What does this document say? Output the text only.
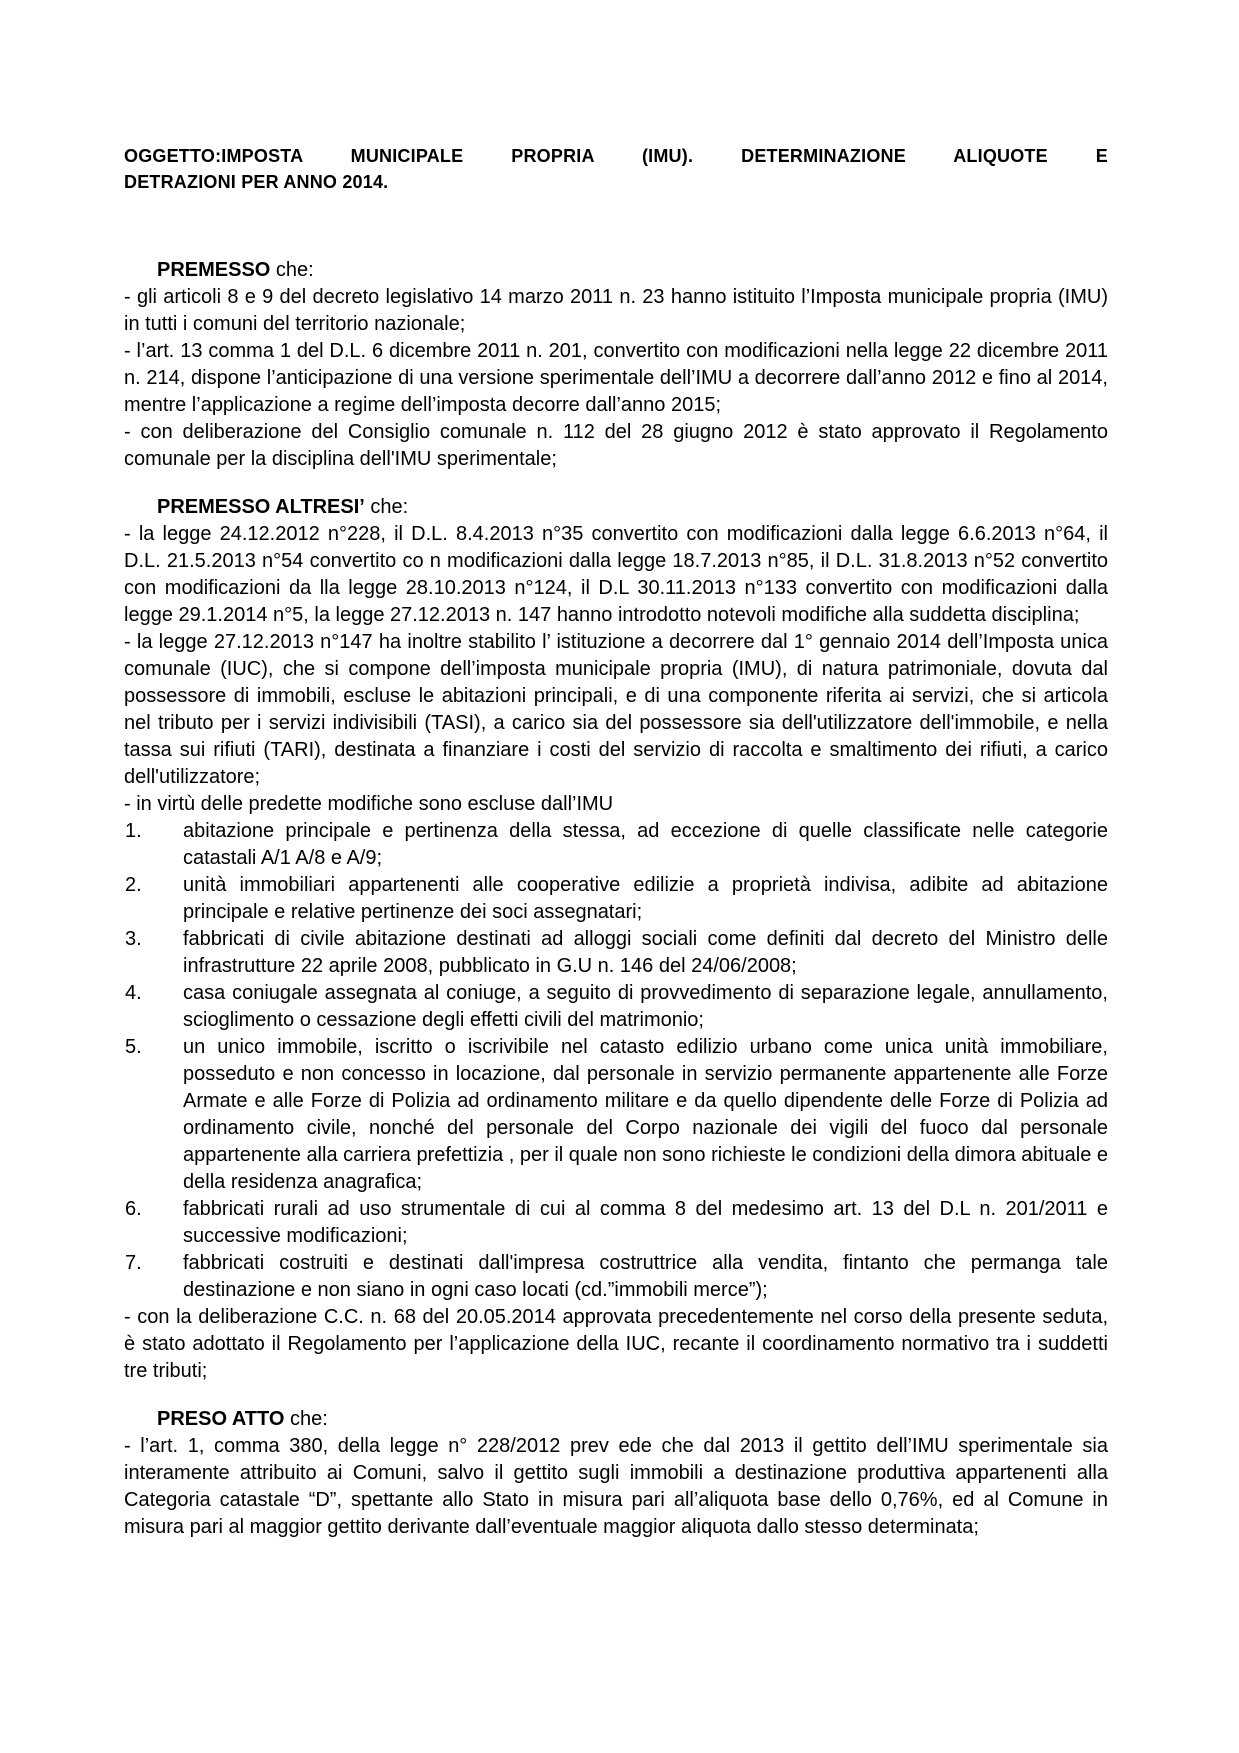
OGGETTO:IMPOSTA MUNICIPALE PROPRIA (IMU). DETERMINAZIONE ALIQUOTE E
DETRAZIONI PER ANNO 2014.

PREMESSO che:

- gli articoli 8 e 9 del decreto legislativo 14 marzo 2011 n. 23 hanno istituito l’Imposta municipale propria (IMU) in tutti i comuni del territorio nazionale;

- l’art. 13 comma 1 del D.L. 6 dicembre 2011 n. 201, convertito con modificazioni nella legge 22 dicembre 2011 n. 214, dispone l’anticipazione di una versione sperimentale dell’IMU a decorrere dall’anno 2012 e fino al 2014, mentre l’applicazione a regime dell’imposta decorre dall’anno 2015;

- con deliberazione del Consiglio comunale n. 112 del 28 giugno 2012 è stato approvato il Regolamento comunale per la disciplina dell'IMU sperimentale;

PREMESSO ALTRESI’ che:

- la legge 24.12.2012 n°228, il D.L. 8.4.2013 n°35 convertito con modificazioni dalla legge 6.6.2013 n°64, il D.L. 21.5.2013 n°54 convertito co n modificazioni dalla legge 18.7.2013 n°85, il D.L. 31.8.2013 n°52 convertito con modificazioni da lla legge 28.10.2013 n°124, il D.L 30.11.2013 n°133 convertito con modificazioni dalla legge 29.1.2014 n°5, la legge 27.12.2013 n. 147 hanno introdotto notevoli modifiche alla suddetta disciplina;

- la legge 27.12.2013 n°147 ha inoltre stabilito l’ istituzione a decorrere dal 1° gennaio 2014 dell’Imposta unica comunale (IUC), che si compone dell’imposta municipale propria (IMU), di natura patrimoniale, dovuta dal possessore di immobili, escluse le abitazioni principali, e di una componente riferita ai servizi, che si articola nel tributo per i servizi indivisibili (TASI), a carico sia del possessore sia dell'utilizzatore dell'immobile, e nella tassa sui rifiuti (TARI), destinata a finanziare i costi del servizio di raccolta e smaltimento dei rifiuti, a carico dell'utilizzatore;

- in virtù delle predette modifiche sono escluse dall’IMU

1. abitazione principale e pertinenza della stessa, ad eccezione di quelle classificate nelle categorie catastali A/1 A/8 e A/9;
2. unità immobiliari appartenenti alle cooperative edilizie a proprietà indivisa, adibite ad abitazione principale e relative pertinenze dei soci assegnatari;
3. fabbricati di civile abitazione destinati ad alloggi sociali come definiti dal decreto del Ministro delle infrastrutture 22 aprile 2008, pubblicato in G.U n. 146 del 24/06/2008;
4. casa coniugale assegnata al coniuge, a seguito di provvedimento di separazione legale, annullamento, scioglimento o cessazione degli effetti civili del matrimonio;
5. un unico immobile, iscritto o iscrivibile nel catasto edilizio urbano come unica unità immobiliare, posseduto e non concesso in locazione, dal personale in servizio permanente appartenente alle Forze Armate e alle Forze di Polizia ad ordinamento militare e da quello dipendente delle Forze di Polizia ad ordinamento civile, nonché del personale del Corpo nazionale dei vigili del fuoco dal personale appartenente alla carriera prefettizia , per il quale non sono richieste le condizioni della dimora abituale e della residenza anagrafica;
6. fabbricati rurali ad uso strumentale di cui al comma 8 del medesimo art. 13 del D.L n. 201/2011 e successive modificazioni;
7. fabbricati costruiti e destinati dall'impresa costruttrice alla vendita, fintanto che permanga tale destinazione e non siano in ogni caso locati (cd.”immobili merce”);

- con la deliberazione C.C. n. 68 del 20.05.2014 approvata precedentemente nel corso della presente seduta, è stato adottato il Regolamento per l’applicazione della IUC, recante il coordinamento normativo tra i suddetti tre tributi;

PRESO ATTO che:

- l’art. 1, comma 380, della legge n° 228/2012 prev ede che dal 2013 il gettito dell’IMU sperimentale sia interamente attribuito ai Comuni, salvo il gettito sugli immobili a destinazione produttiva appartenenti alla Categoria catastale “D”, spettante allo Stato in misura pari all’aliquota base dello 0,76%, ed al Comune in misura pari al maggior gettito derivante dall’eventuale maggior aliquota dallo stesso determinata;
